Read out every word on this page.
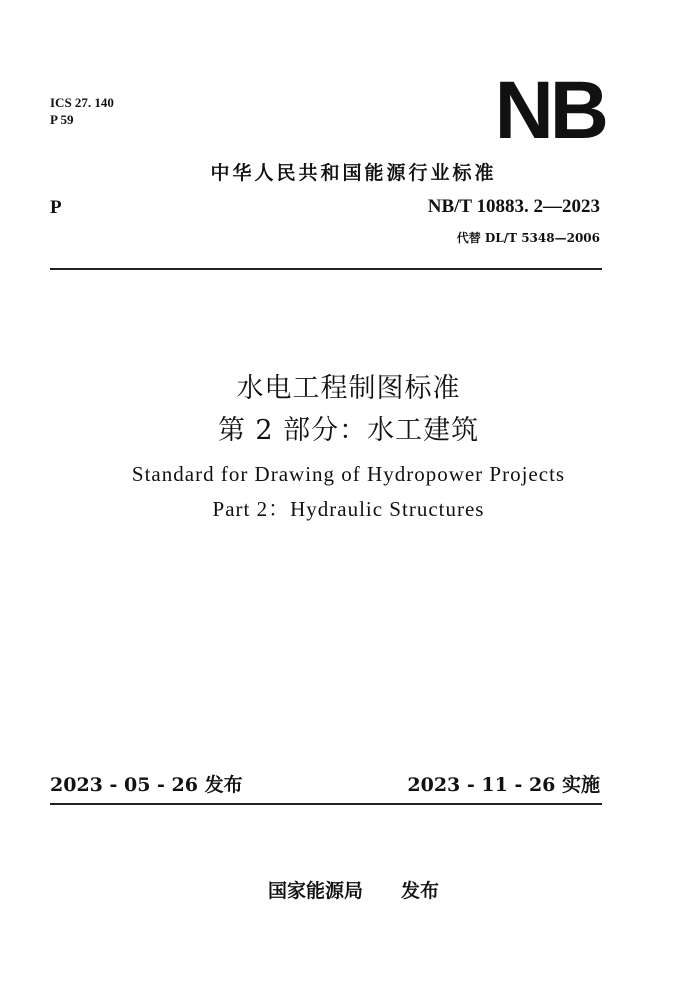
ICS 27. 140
P 59	NB
中华人民共和国能源行业标准
P	NB/T 10883. 2—2023
代替 DL/T 5348—2006
水电工程制图标准
第 2 部分：水工建筑
Standard for Drawing of Hydropower Projects
Part 2：Hydraulic Structures
2023 - 05 - 26 发布	2023 - 11 - 26 实施
国家能源局 发布
